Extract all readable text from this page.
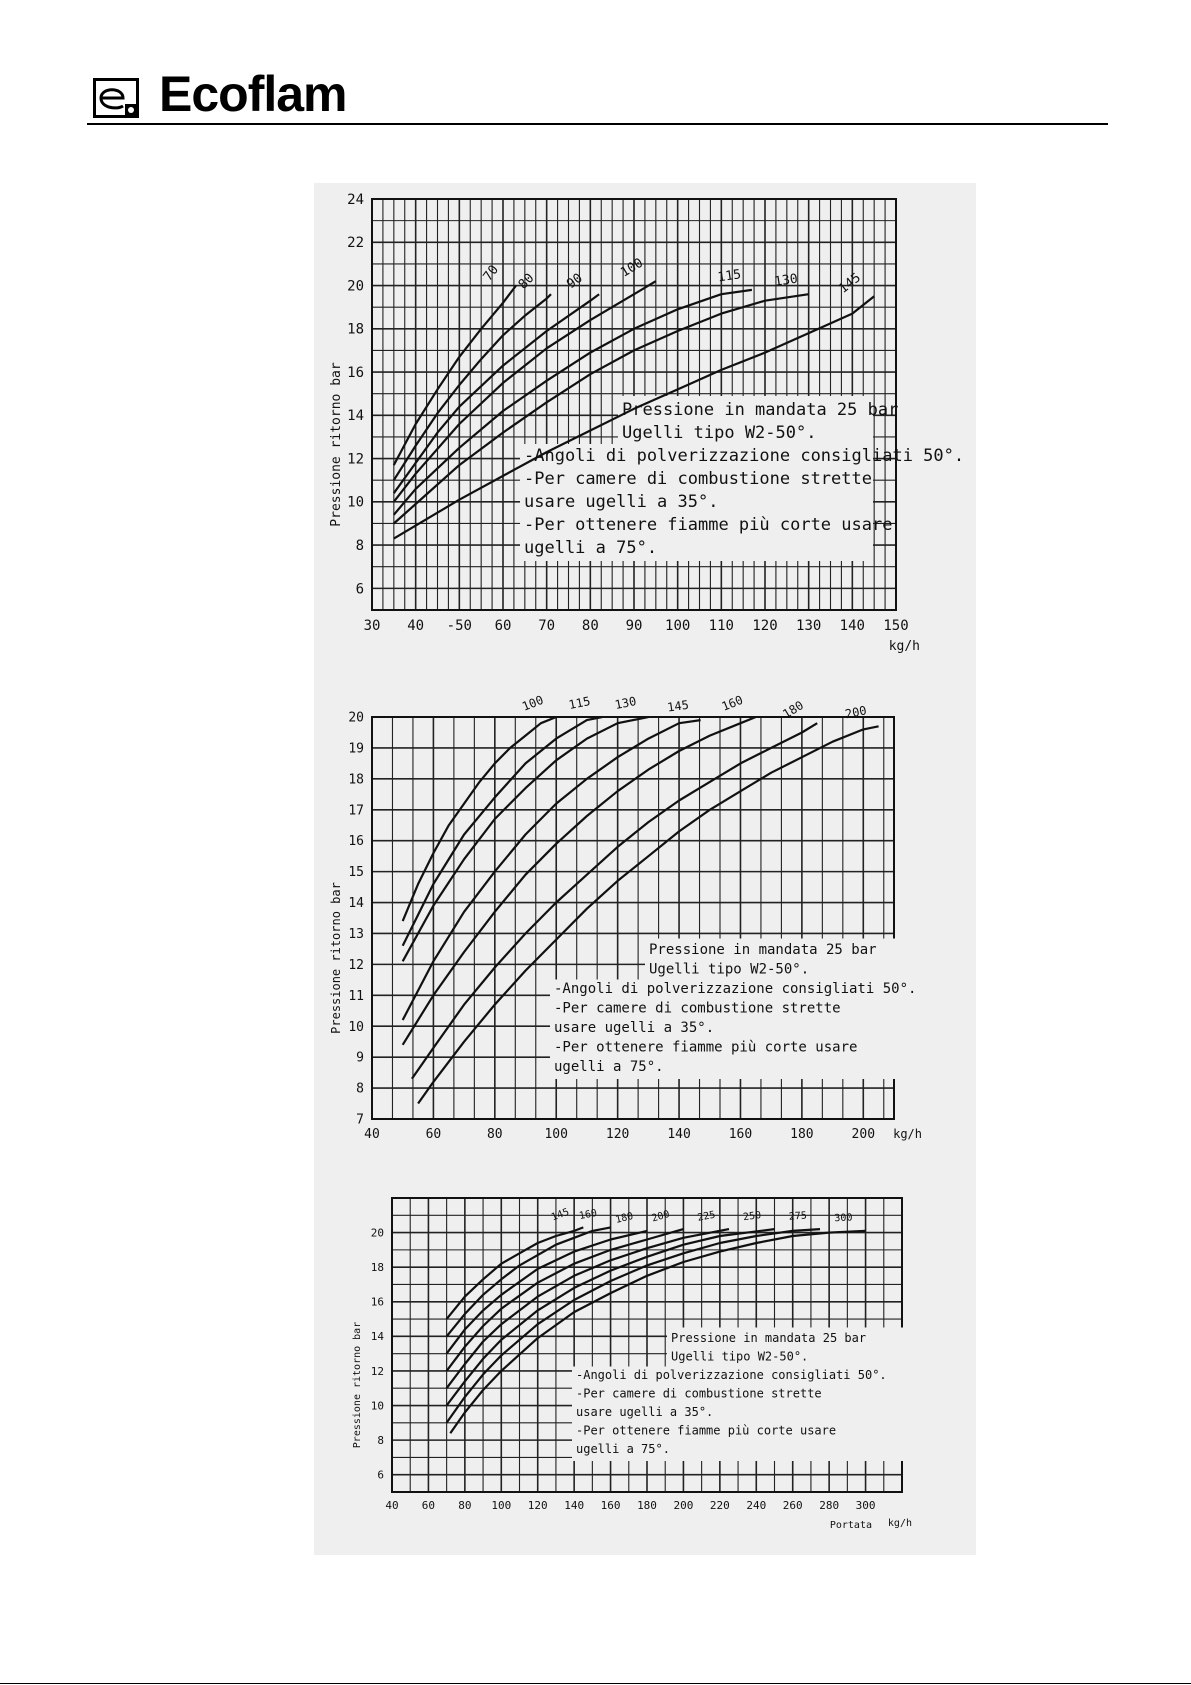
Ecoflam
30 40 -50 60 70 80 90 100 110 120 130 140 150
6
8
10
12
14
16
18
20
22
24
kg/h
Pressione ritorno bar	Pressione in mandata 25 bar
Ugelli tipo W2-50°.
-Angoli di polverizzazione consigliati 50°.
-Per camere di combustione strette
usare ugelli a 35°.
-Per ottenere fiamme più corte usare
ugelli a 75°.
70 80 90
100	115 130	145
40	60	80	100	120	140	160	180	200
7
8
9
10
11
12
13
14
15
16
17
18
19
20
kg/h
Pressione ritorno bar	Pressione in mandata 25 bar
Ugelli tipo W2-50°.
-Angoli di polverizzazione consigliati 50°.
-Per camere di combustione strette
usare ugelli a 35°.
-Per ottenere fiamme più corte usare
ugelli a 75°.
100 115 130 145 160	180	200
40 60 80 100 120 140 160 180 200 220 240 260 280 300
6
8
10
12
14
16
18
20
kg/h
Portata
Pressione ritorno bar	Pressione in mandata 25 bar
Ugelli tipo W2-50°.
-Angoli di polverizzazione consigliati 50°.
-Per camere di combustione strette
usare ugelli a 35°.
-Per ottenere fiamme più corte usare
ugelli a 75°.
145 160 180 200	225	250	275	300
